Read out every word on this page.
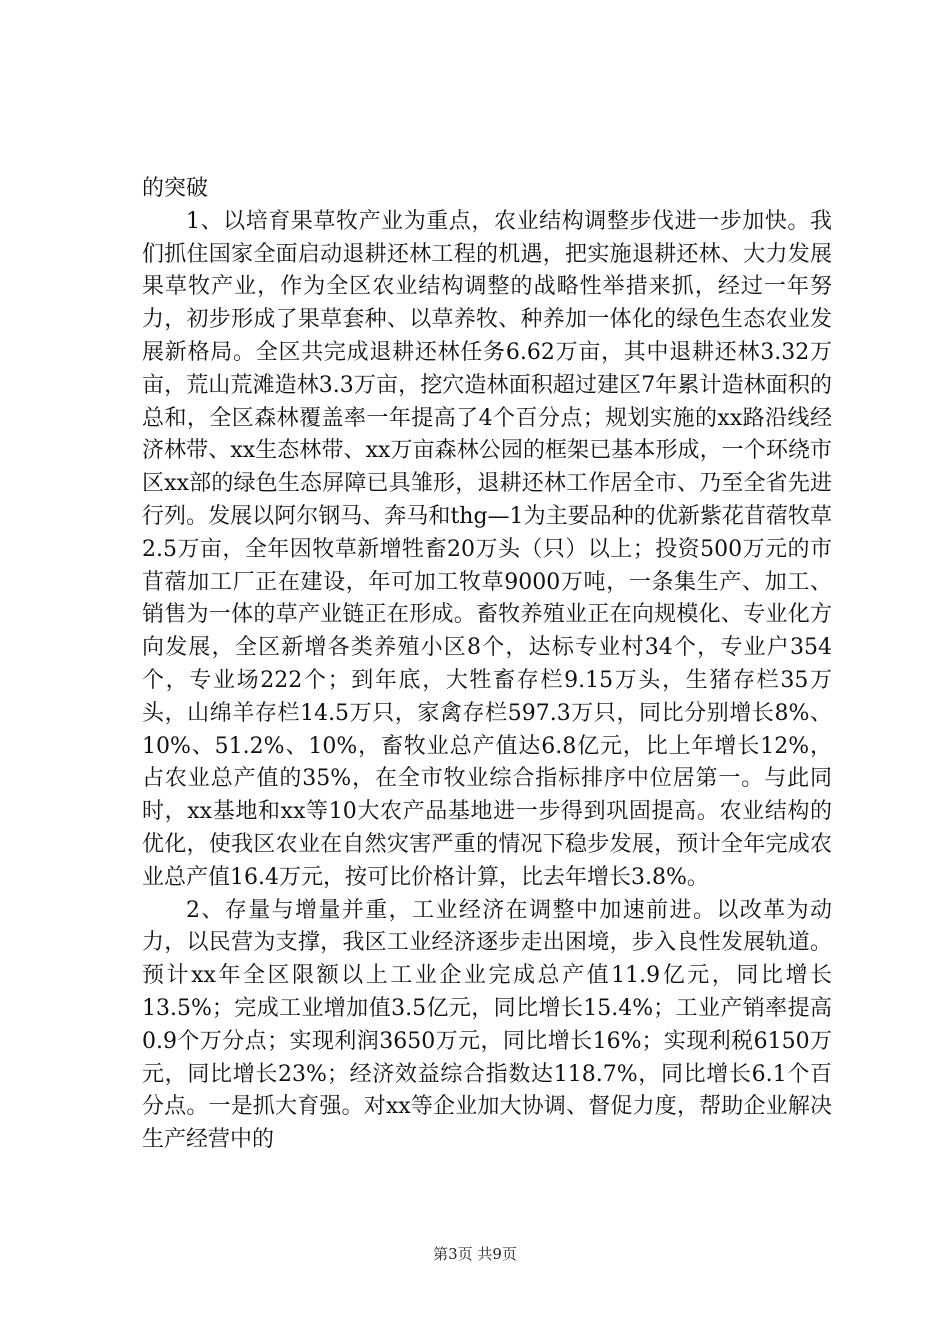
的突破

1、以培育果草牧产业为重点，农业结构调整步伐进一步加快。我们抓住国家全面启动退耕还林工程的机遇，把实施退耕还林、大力发展果草牧产业，作为全区农业结构调整的战略性举措来抓，经过一年努力，初步形成了果草套种、以草养牧、种养加一体化的绿色生态农业发展新格局。全区共完成退耕还林任务6.62万亩，其中退耕还林3.32万亩，荒山荒滩造林3.3万亩，挖穴造林面积超过建区7年累计造林面积的总和，全区森林覆盖率一年提高了4个百分点；规划实施的xx路沿线经济林带、xx生态林带、xx万亩森林公园的框架已基本形成，一个环绕市区xx部的绿色生态屏障已具雏形，退耕还林工作居全市、乃至全省先进行列。发展以阿尔钢马、奔马和thg—1为主要品种的优新紫花苜蓿牧草2.5万亩，全年因牧草新增牲畜20万头（只）以上；投资500万元的市苜蓿加工厂正在建设，年可加工牧草9000万吨，一条集生产、加工、销售为一体的草产业链正在形成。畜牧养殖业正在向规模化、专业化方向发展，全区新增各类养殖小区8个，达标专业村34个，专业户354个，专业场222个；到年底，大牲畜存栏9.15万头，生猪存栏35万头，山绵羊存栏14.5万只，家禽存栏597.3万只，同比分别增长8%、10%、51.2%、10%，畜牧业总产值达6.8亿元，比上年增长12%，占农业总产值的35%，在全市牧业综合指标排序中位居第一。与此同时，xx基地和xx等10大农产品基地进一步得到巩固提高。农业结构的优化，使我区农业在自然灾害严重的情况下稳步发展，预计全年完成农业总产值16.4万元，按可比价格计算，比去年增长3.8%。

2、存量与增量并重，工业经济在调整中加速前进。以改革为动力，以民营为支撑，我区工业经济逐步走出困境，步入良性发展轨道。预计xx年全区限额以上工业企业完成总产值11.9亿元，同比增长13.5%；完成工业增加值3.5亿元，同比增长15.4%；工业产销率提高0.9个万分点；实现利润3650万元，同比增长16%；实现利税6150万元，同比增长23%；经济效益综合指数达118.7%，同比增长6.1个百分点。一是抓大育强。对xx等企业加大协调、督促力度，帮助企业解决生产经营中的

第3页 共9页
